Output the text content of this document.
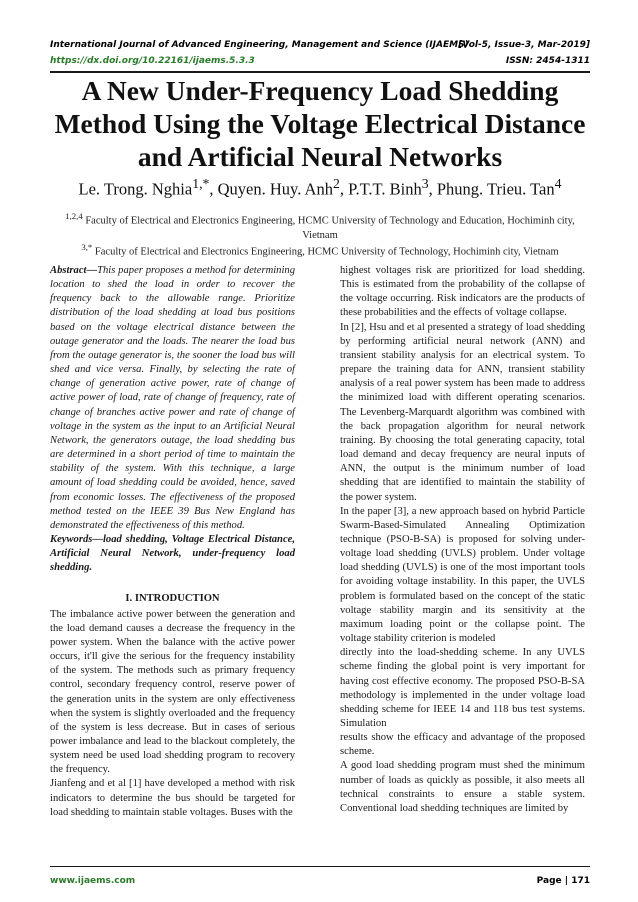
International Journal of Advanced Engineering, Management and Science (IJAEMS)
[Vol-5, Issue-3, Mar-2019]
https://dx.doi.org/10.22161/ijaems.5.3.3	ISSN: 2454-1311
A New Under-Frequency Load Shedding Method Using the Voltage Electrical Distance and Artificial Neural Networks
Le. Trong. Nghia$^{1,*}$, Quyen. Huy. Anh$^2$, P.T.T. Binh$^3$, Phung. Trieu. Tan$^4$
$^{1,2,4}$ Faculty of Electrical and Electronics Engineering, HCMC University of Technology and Education, Hochiminh city, Vietnam
$^{3,*}$ Faculty of Electrical and Electronics Engineering, HCMC University of Technology, Hochiminh city, Vietnam

Abstract—This paper proposes a method for determining location to shed the load in order to recover the frequency back to the allowable range. Prioritize distribution of the load shedding at load bus positions based on the voltage electrical distance between the outage generator and the loads. The nearer the load bus from the outage generator is, the sooner the load bus will shed and vice versa. Finally, by selecting the rate of change of generation active power, rate of change of active power of load, rate of change of frequency, rate of change of branches active power and rate of change of voltage in the system as the input to an Artificial Neural Network, the generators outage, the load shedding bus are determined in a short period of time to maintain the stability of the system. With this technique, a large amount of load shedding could be avoided, hence, saved from economic losses. The effectiveness of the proposed method tested on the IEEE 39 Bus New England has demonstrated the effectiveness of this method.

Keywords—load shedding, Voltage Electrical Distance, Artificial Neural Network, under-frequency load shedding.

I. INTRODUCTION

The imbalance active power between the generation and the load demand causes a decrease the frequency in the power system. When the balance with the active power occurs, it'll give the serious for the frequency instability of the system. The methods such as primary frequency control, secondary frequency control, reserve power of the generation units in the system are only effectiveness when the system is slightly overloaded and the frequency of the system is less decrease. But in cases of serious power imbalance and lead to the blackout completely, the system need be used load shedding program to recovery the frequency.

Jianfeng and et al [1] have developed a method with risk indicators to determine the bus should be targeted for load shedding to maintain stable voltages. Buses with the

highest voltages risk are prioritized for load shedding. This is estimated from the probability of the collapse of the voltage occurring. Risk indicators are the products of these probabilities and the effects of voltage collapse.

In [2], Hsu and et al presented a strategy of load shedding by performing artificial neural network (ANN) and transient stability analysis for an electrical system. To prepare the training data for ANN, transient stability analysis of a real power system has been made to address the minimized load with different operating scenarios. The Levenberg-Marquardt algorithm was combined with the back propagation algorithm for neural network training. By choosing the total generating capacity, total load demand and decay frequency are neural inputs of ANN, the output is the minimum number of load shedding that are identified to maintain the stability of the power system.

In the paper [3], a new approach based on hybrid Particle Swarm-Based-Simulated Annealing Optimization technique (PSO-B-SA) is proposed for solving under-voltage load shedding (UVLS) problem. Under voltage load shedding (UVLS) is one of the most important tools for avoiding voltage instability. In this paper, the UVLS problem is formulated based on the concept of the static voltage stability margin and its sensitivity at the maximum loading point or the collapse point. The voltage stability criterion is modeled

directly into the load-shedding scheme. In any UVLS scheme finding the global point is very important for having cost effective economy. The proposed PSO-B-SA methodology is implemented in the under voltage load shedding scheme for IEEE 14 and 118 bus test systems. Simulation

results show the efficacy and advantage of the proposed scheme.

A good load shedding program must shed the minimum number of loads as quickly as possible, it also meets all technical constraints to ensure a stable system. Conventional load shedding techniques are limited by

www.ijaems.com	Page | 171
